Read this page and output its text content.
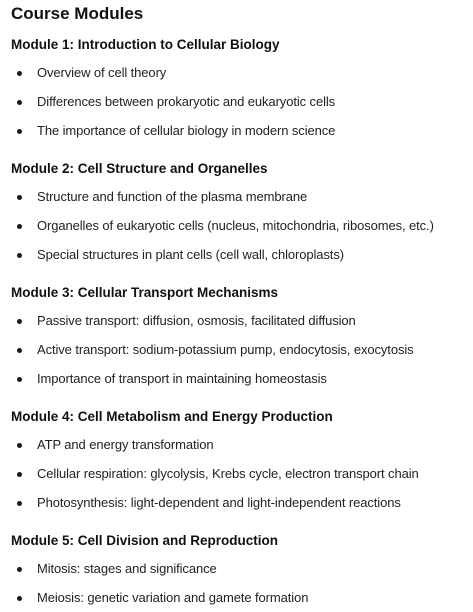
Course Modules
Module 1: Introduction to Cellular Biology
Overview of cell theory
Differences between prokaryotic and eukaryotic cells
The importance of cellular biology in modern science
Module 2: Cell Structure and Organelles
Structure and function of the plasma membrane
Organelles of eukaryotic cells (nucleus, mitochondria, ribosomes, etc.)
Special structures in plant cells (cell wall, chloroplasts)
Module 3: Cellular Transport Mechanisms
Passive transport: diffusion, osmosis, facilitated diffusion
Active transport: sodium-potassium pump, endocytosis, exocytosis
Importance of transport in maintaining homeostasis
Module 4: Cell Metabolism and Energy Production
ATP and energy transformation
Cellular respiration: glycolysis, Krebs cycle, electron transport chain
Photosynthesis: light-dependent and light-independent reactions
Module 5: Cell Division and Reproduction
Mitosis: stages and significance
Meiosis: genetic variation and gamete formation
